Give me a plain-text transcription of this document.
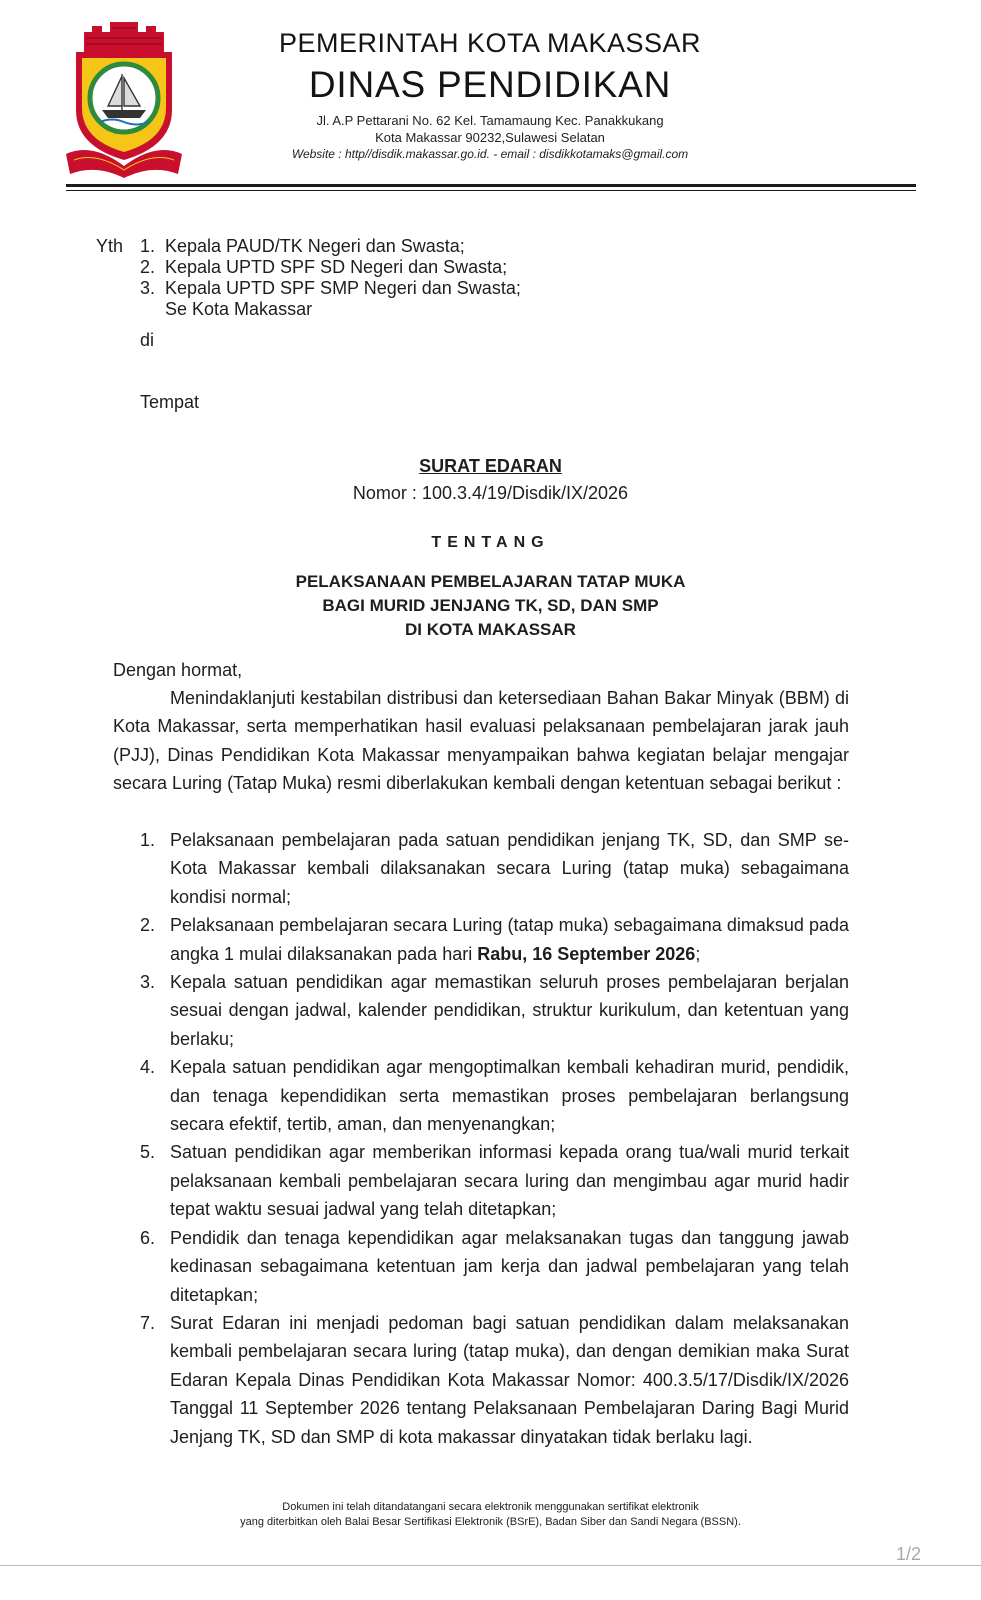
PEMERINTAH KOTA MAKASSAR
DINAS PENDIDIKAN
Jl. A.P Pettarani No. 62 Kel. Tamamaung Kec. Panakkukang
Kota Makassar 90232,Sulawesi Selatan
Website : http//disdik.makassar.go.id. - email : disdikkotamaks@gmail.com
Yth 1. Kepala PAUD/TK Negeri dan Swasta;
2. Kepala UPTD SPF SD Negeri dan Swasta;
3. Kepala UPTD SPF SMP Negeri dan Swasta;
Se Kota Makassar
di
Tempat
SURAT EDARAN
Nomor : 100.3.4/19/Disdik/IX/2026
TENTANG
PELAKSANAAN PEMBELAJARAN TATAP MUKA
BAGI MURID JENJANG TK, SD, DAN SMP
DI KOTA MAKASSAR
Dengan hormat,

Menindaklanjuti kestabilan distribusi dan ketersediaan Bahan Bakar Minyak (BBM) di Kota Makassar, serta memperhatikan hasil evaluasi pelaksanaan pembelajaran jarak jauh (PJJ), Dinas Pendidikan Kota Makassar menyampaikan bahwa kegiatan belajar mengajar secara Luring (Tatap Muka) resmi diberlakukan kembali dengan ketentuan sebagai berikut :

1. Pelaksanaan pembelajaran pada satuan pendidikan jenjang TK, SD, dan SMP se-Kota Makassar kembali dilaksanakan secara Luring (tatap muka) sebagaimana kondisi normal;
2. Pelaksanaan pembelajaran secara Luring (tatap muka) sebagaimana dimaksud pada angka 1 mulai dilaksanakan pada hari Rabu, 16 September 2026;
3. Kepala satuan pendidikan agar memastikan seluruh proses pembelajaran berjalan sesuai dengan jadwal, kalender pendidikan, struktur kurikulum, dan ketentuan yang berlaku;
4. Kepala satuan pendidikan agar mengoptimalkan kembali kehadiran murid, pendidik, dan tenaga kependidikan serta memastikan proses pembelajaran berlangsung secara efektif, tertib, aman, dan menyenangkan;
5. Satuan pendidikan agar memberikan informasi kepada orang tua/wali murid terkait pelaksanaan kembali pembelajaran secara luring dan mengimbau agar murid hadir tepat waktu sesuai jadwal yang telah ditetapkan;
6. Pendidik dan tenaga kependidikan agar melaksanakan tugas dan tanggung jawab kedinasan sebagaimana ketentuan jam kerja dan jadwal pembelajaran yang telah ditetapkan;
7. Surat Edaran ini menjadi pedoman bagi satuan pendidikan dalam melaksanakan kembali pembelajaran secara luring (tatap muka), dan dengan demikian maka Surat Edaran Kepala Dinas Pendidikan Kota Makassar Nomor: 400.3.5/17/Disdik/IX/2026 Tanggal 11 September 2026 tentang Pelaksanaan Pembelajaran Daring Bagi Murid Jenjang TK, SD dan SMP di kota makassar dinyatakan tidak berlaku lagi.
Dokumen ini telah ditandatangani secara elektronik menggunakan sertifikat elektronik
yang diterbitkan oleh Balai Besar Sertifikasi Elektronik (BSrE), Badan Siber dan Sandi Negara (BSSN).
1/2
